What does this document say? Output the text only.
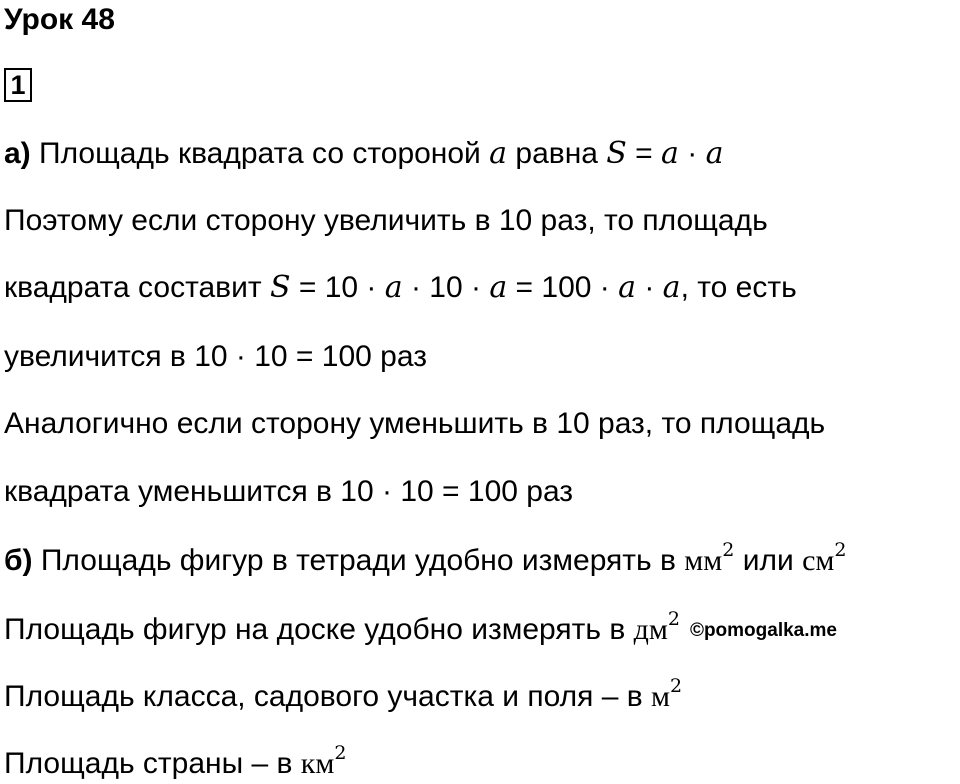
Урок 48
1
а) Площадь квадрата со стороной a равна S = a · a
Поэтому если сторону увеличить в 10 раз, то площадь
квадрата составит S = 10 · a · 10 · a = 100 · a · a, то есть
увеличится в 10 · 10 = 100 раз
Аналогично если сторону уменьшить в 10 раз, то площадь
квадрата уменьшится в 10 · 10 = 100 раз
б) Площадь фигур в тетради удобно измерять в $мм^2$ или $см^2$
Площадь фигур на доске удобно измерять в $дм^2©pomogalka.me$
Площадь класса, садового участка и поля – в $м^2$
Площадь страны – в $км^2$
